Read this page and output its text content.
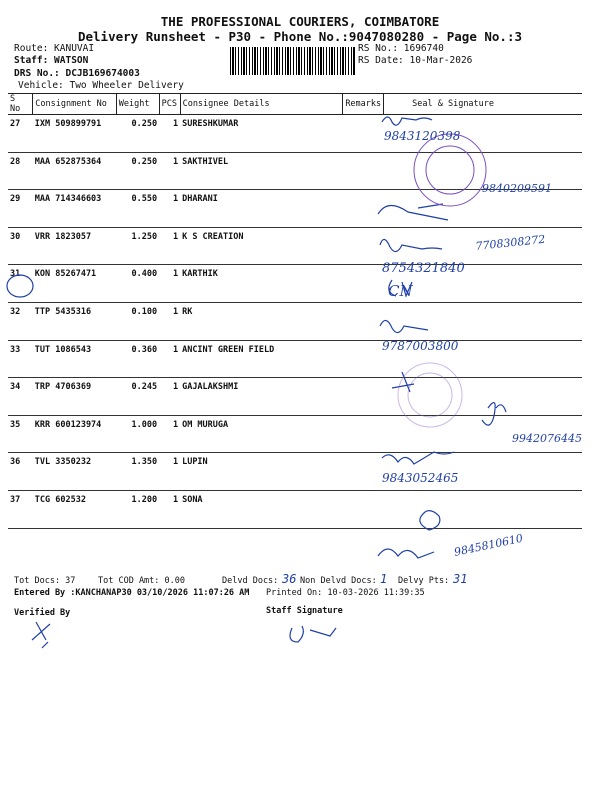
THE PROFESSIONAL COURIERS, COIMBATORE
Delivery Runsheet - P30 - Phone No.:9047080280 - Page No.:3
Route: KANUVAI
Staff: WATSON
DRS No.: DCJB169674003
Vehicle: Two Wheeler Delivery
RS No.: 1696740
RS Date: 10-Mar-2026
S No	Consignment No	Weight	PCS	Consignee Details	Remarks	Seal & Signature
27	IXM 509899791	0.250	1	SURESHKUMAR		
28	MAA 652875364	0.250	1	SAKTHIVEL		
29	MAA 714346603	0.550	1	DHARANI		
30	VRR 1823057	1.250	1	K S CREATION		
31	KON 85267471	0.400	1	KARTHIK		
32	TTP 5435316	0.100	1	RK		
33	TUT 1086543	0.360	1	ANCINT GREEN FIELD		
34	TRP 4706369	0.245	1	GAJALAKSHMI		
35	KRR 600123974	1.000	1	OM MURUGA		
36	TVL 3350232	1.350	1	LUPIN		
37	TCG 602532	1.200	1	SONA		
9843120398
9840209591
7708308272
8754321840
CN
9787003800
9942076445
9843052465
9845810610
Tot Docs: 37	Tot COD Amt: 0.00	Delvd Docs: 36 Non Delvd Docs: 1 Delvy Pts: 31
Entered By :KANCHANAP30 03/10/2026 11:07:26 AM Printed On: 10-03-2026 11:39:35
Verified By	Staff Signature
